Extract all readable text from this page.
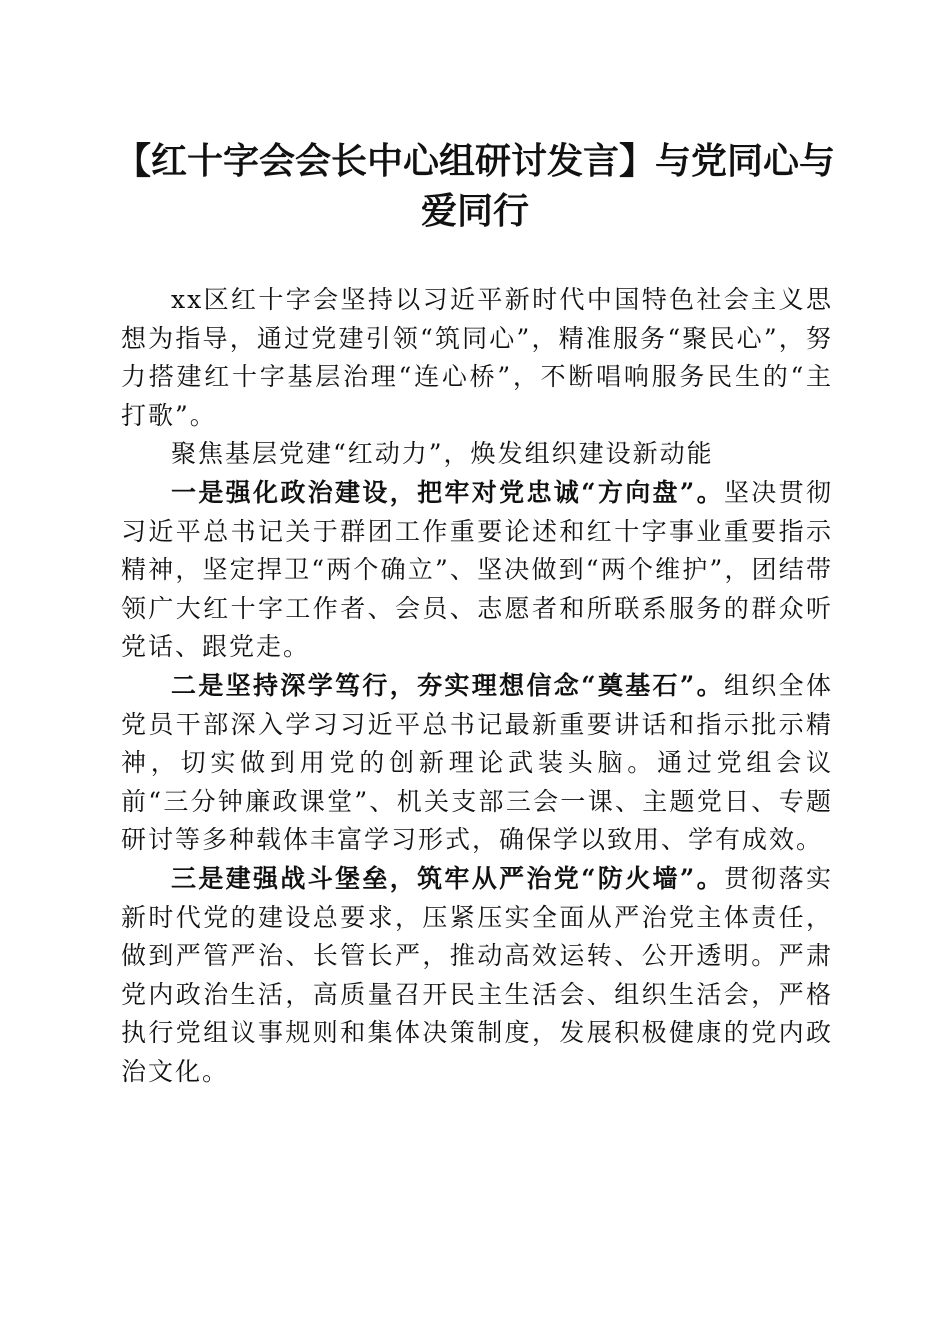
【红十字会会长中心组研讨发言】与党同心与爱同行

xx区红十字会坚持以习近平新时代中国特色社会主义思想为指导，通过党建引领“筑同心”，精准服务“聚民心”，努力搭建红十字基层治理“连心桥”，不断唱响服务民生的“主打歌”。

聚焦基层党建“红动力”，焕发组织建设新动能

一是强化政治建设，把牢对党忠诚“方向盘”。坚决贯彻习近平总书记关于群团工作重要论述和红十字事业重要指示精神，坚定捍卫“两个确立”、坚决做到“两个维护”，团结带领广大红十字工作者、会员、志愿者和所联系服务的群众听党话、跟党走。

二是坚持深学笃行，夯实理想信念“奠基石”。组织全体党员干部深入学习习近平总书记最新重要讲话和指示批示精神，切实做到用党的创新理论武装头脑。通过党组会议前“三分钟廉政课堂”、机关支部三会一课、主题党日、专题研讨等多种载体丰富学习形式，确保学以致用、学有成效。

三是建强战斗堡垒，筑牢从严治党“防火墙”。贯彻落实新时代党的建设总要求，压紧压实全面从严治党主体责任，做到严管严治、长管长严，推动高效运转、公开透明。严肃党内政治生活，高质量召开民主生活会、组织生活会，严格执行党组议事规则和集体决策制度，发展积极健康的党内政治文化。
